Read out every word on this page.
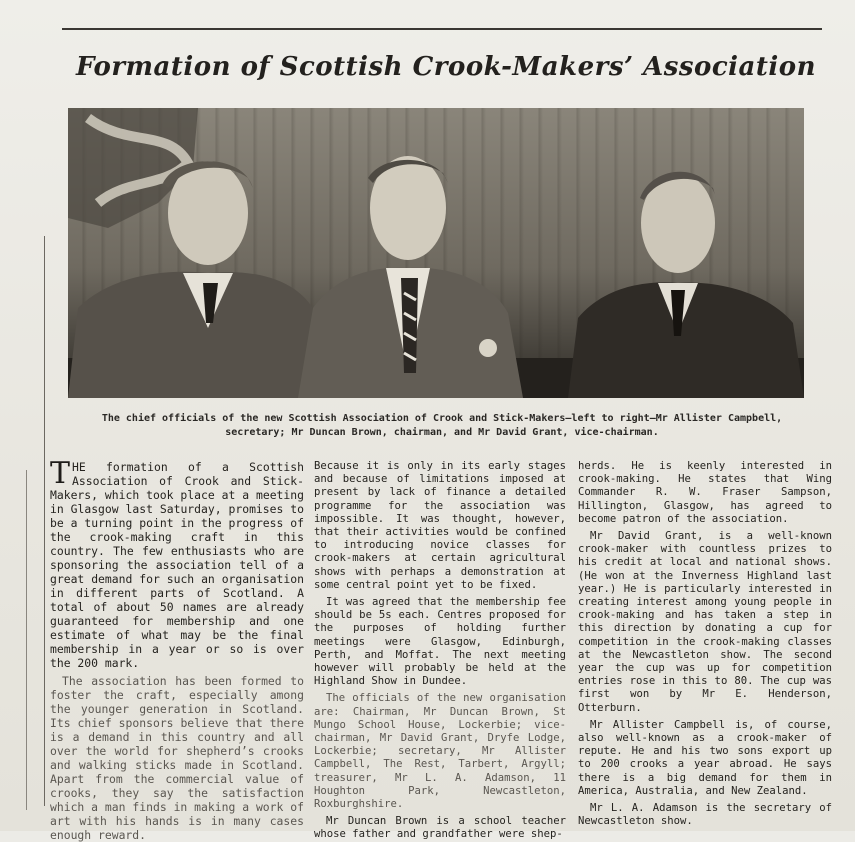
Formation of Scottish Crook-Makers’ Association

The chief officials of the new Scottish Association of Crook and Stick-Makers—left to right—Mr Allister Campbell, secretary; Mr Duncan Brown, chairman, and Mr David Grant, vice-chairman.

THE formation of a Scottish Association of Crook and Stick-Makers, which took place at a meeting in Glasgow last Saturday, promises to be a turning point in the progress of the crook-making craft in this country. The few enthusiasts who are sponsoring the association tell of a great demand for such an organisation in different parts of Scotland. A total of about 50 names are already guaranteed for membership and one estimate of what may be the final membership in a year or so is over the 200 mark.

The association has been formed to foster the craft, especially among the younger generation in Scotland. Its chief sponsors believe that there is a demand in this country and all over the world for shepherd’s crooks and walking sticks made in Scotland. Apart from the commercial value of crooks, they say the satisfaction which a man finds in making a work of art with his hands is in many cases enough reward.

Because it is only in its early stages and because of limitations imposed at present by lack of finance a detailed programme for the association was impossible. It was thought, however, that their activities would be confined to introducing novice classes for crook-makers at certain agricultural shows with perhaps a demonstration at some central point yet to be fixed.

It was agreed that the membership fee should be 5s each. Centres proposed for the purposes of holding further meetings were Glasgow, Edinburgh, Perth, and Moffat. The next meeting however will probably be held at the Highland Show in Dundee.

The officials of the new organisation are: Chairman, Mr Duncan Brown, St Mungo School House, Lockerbie; vice-chairman, Mr David Grant, Dryfe Lodge, Lockerbie; secretary, Mr Allister Campbell, The Rest, Tarbert, Argyll; treasurer, Mr L. A. Adamson, 11 Houghton Park, Newcastleton, Roxburghshire.

Mr Duncan Brown is a school teacher whose father and grandfather were shep-

herds. He is keenly interested in crook-making. He states that Wing Commander R. W. Fraser Sampson, Hillington, Glasgow, has agreed to become patron of the association.

Mr David Grant, is a well-known crook-maker with countless prizes to his credit at local and national shows. (He won at the Inverness Highland last year.) He is particularly interested in creating interest among young people in crook-making and has taken a step in this direction by donating a cup for competition in the crook-making classes at the Newcastleton show. The second year the cup was up for competition entries rose in this to 80. The cup was first won by Mr E. Henderson, Otterburn.

Mr Allister Campbell is, of course, also well-known as a crook-maker of repute. He and his two sons export up to 200 crooks a year abroad. He says there is a big demand for them in America, Australia, and New Zealand.

Mr L. A. Adamson is the secretary of Newcastleton show.
